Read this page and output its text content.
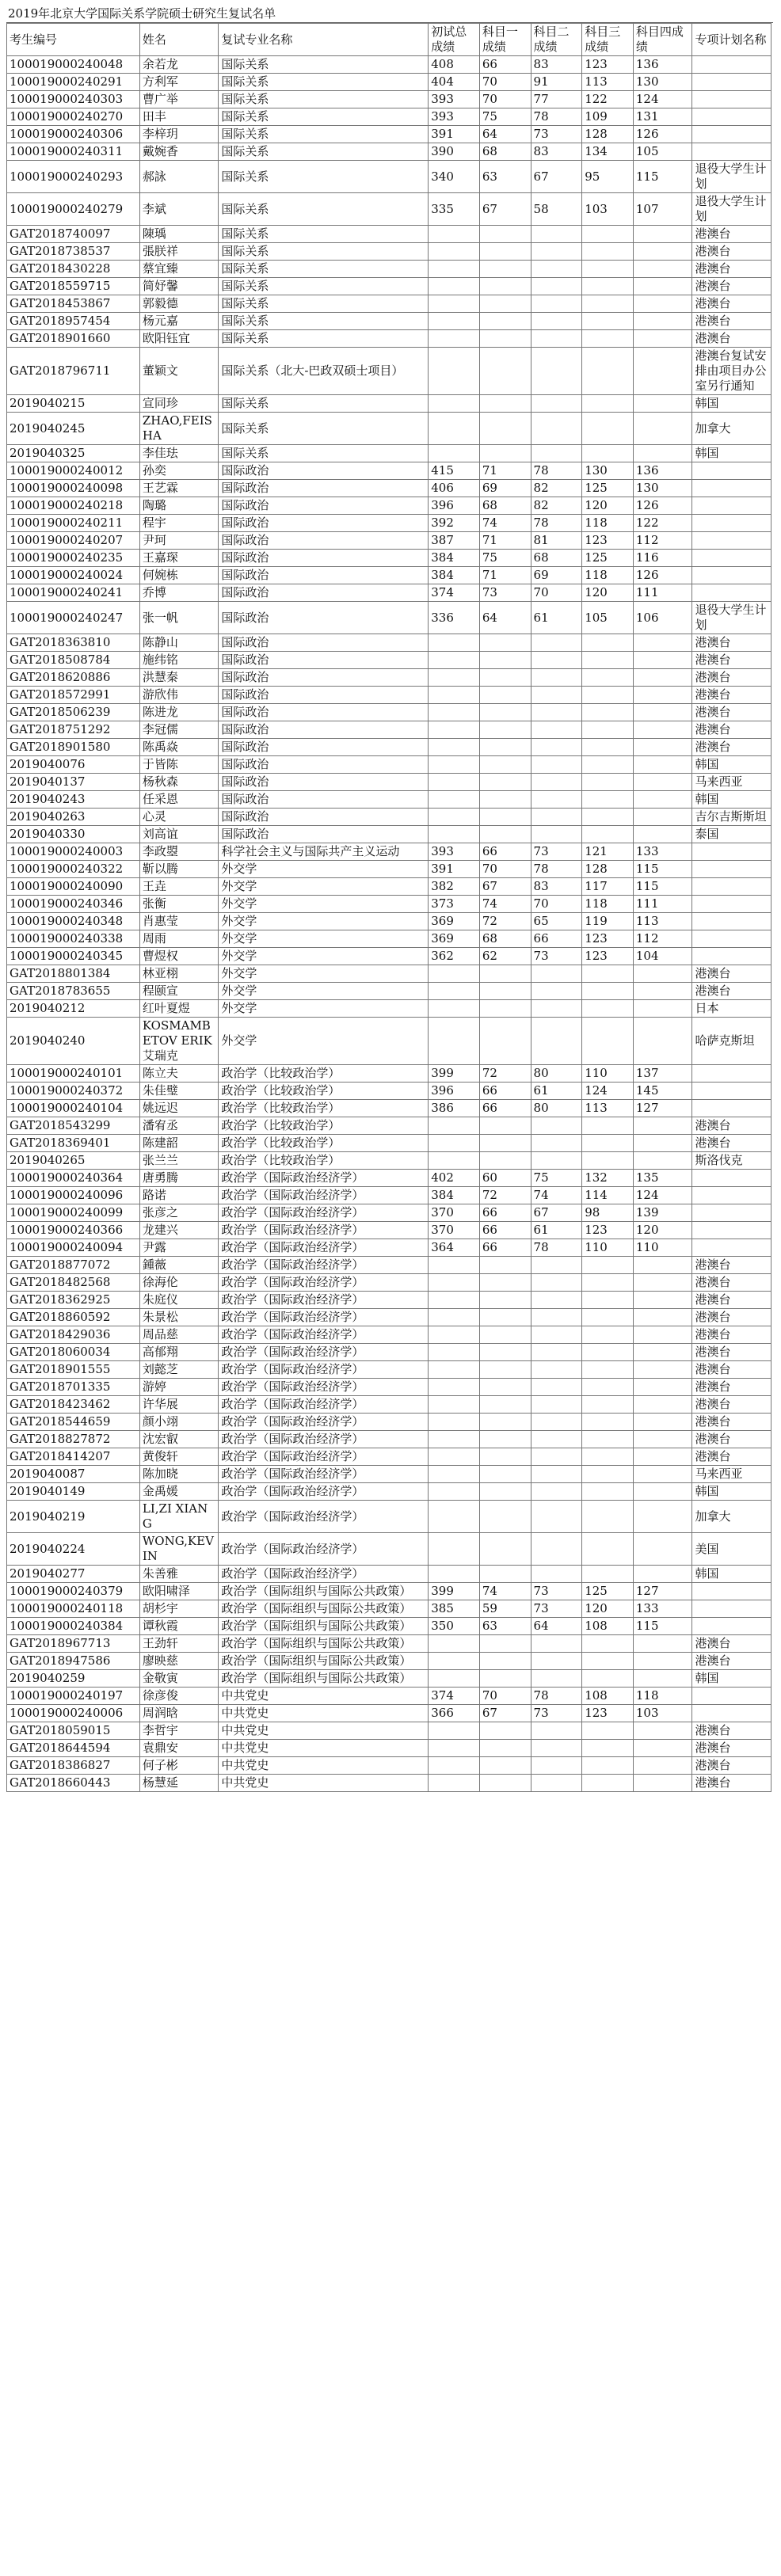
2019年北京大学国际关系学院硕士研究生复试名单
考生编号	姓名	复试专业名称	初试总成绩	科目一成绩	科目二成绩	科目三成绩	科目四成绩	专项计划名称
100019000240048	余若龙	国际关系	408	66	83	123	136	
100019000240291	方利军	国际关系	404	70	91	113	130	
100019000240303	曹广举	国际关系	393	70	77	122	124	
100019000240270	田丰	国际关系	393	75	78	109	131	
100019000240306	李梓玥	国际关系	391	64	73	128	126	
100019000240311	戴婉香	国际关系	390	68	83	134	105	
100019000240293	郝詠	国际关系	340	63	67	95	115	退役大学生计划
100019000240279	李斌	国际关系	335	67	58	103	107	退役大学生计划
GAT2018740097	陳瑀	国际关系						港澳台
GAT2018738537	張朕祥	国际关系						港澳台
GAT2018430228	蔡宜臻	国际关系						港澳台
GAT2018559715	简妤馨	国际关系						港澳台
GAT2018453867	郭毅德	国际关系						港澳台
GAT2018957454	杨元嘉	国际关系						港澳台
GAT2018901660	欧阳钰宜	国际关系						港澳台
GAT2018796711	董颖文	国际关系（北大-巴政双硕士项目）						港澳台复试安排由项目办公室另行通知
2019040215	宣同珍	国际关系						韩国
2019040245	ZHAO,FEISHA	国际关系						加拿大
2019040325	李佳珐	国际关系						韩国
100019000240012	孙奕	国际政治	415	71	78	130	136	
100019000240098	王艺霖	国际政治	406	69	82	125	130	
100019000240218	陶璐	国际政治	396	68	82	120	126	
100019000240211	程宇	国际政治	392	74	78	118	122	
100019000240207	尹珂	国际政治	387	71	81	123	112	
100019000240235	王嘉琛	国际政治	384	75	68	125	116	
100019000240024	何婉栋	国际政治	384	71	69	118	126	
100019000240241	乔博	国际政治	374	73	70	120	111	
100019000240247	张一帆	国际政治	336	64	61	105	106	退役大学生计划
GAT2018363810	陈静山	国际政治						港澳台
GAT2018508784	施纬铭	国际政治						港澳台
GAT2018620886	洪慧秦	国际政治						港澳台
GAT2018572991	游欣伟	国际政治						港澳台
GAT2018506239	陈进龙	国际政治						港澳台
GAT2018751292	李冠儒	国际政治						港澳台
GAT2018901580	陈禹焱	国际政治						港澳台
2019040076	于皆陈	国际政治						韩国
2019040137	杨秋森	国际政治						马来西亚
2019040243	任采恩	国际政治						韩国
2019040263	心灵	国际政治						吉尔吉斯斯坦
2019040330	刘高谊	国际政治						泰国
100019000240003	李政曌	科学社会主义与国际共产主义运动	393	66	73	121	133	
100019000240322	靳以腾	外交学	391	70	78	128	115	
100019000240090	王垚	外交学	382	67	83	117	115	
100019000240346	张衡	外交学	373	74	70	118	111	
100019000240348	肖惠莹	外交学	369	72	65	119	113	
100019000240338	周雨	外交学	369	68	66	123	112	
100019000240345	曹煜权	外交学	362	62	73	123	104	
GAT2018801384	林亚栩	外交学						港澳台
GAT2018783655	程颐宣	外交学						港澳台
2019040212	红叶夏煜	外交学						日本
2019040240	KOSMAMBETOV ERIK 艾瑞克	外交学						哈萨克斯坦
100019000240101	陈立夫	政治学（比较政治学）	399	72	80	110	137	
100019000240372	朱佳璧	政治学（比较政治学）	396	66	61	124	145	
100019000240104	姚远迟	政治学（比较政治学）	386	66	80	113	127	
GAT2018543299	潘宥丞	政治学（比较政治学）						港澳台
GAT2018369401	陈建韶	政治学（比较政治学）						港澳台
2019040265	张兰兰	政治学（比较政治学）						斯洛伐克
100019000240364	唐勇腾	政治学（国际政治经济学）	402	60	75	132	135	
100019000240096	路诺	政治学（国际政治经济学）	384	72	74	114	124	
100019000240099	张彦之	政治学（国际政治经济学）	370	66	67	98	139	
100019000240366	龙建兴	政治学（国际政治经济学）	370	66	61	123	120	
100019000240094	尹露	政治学（国际政治经济学）	364	66	78	110	110	
GAT2018877072	鍾薇	政治学（国际政治经济学）						港澳台
GAT2018482568	徐海伦	政治学（国际政治经济学）						港澳台
GAT2018362925	朱庭仪	政治学（国际政治经济学）						港澳台
GAT2018860592	朱景松	政治学（国际政治经济学）						港澳台
GAT2018429036	周品慈	政治学（国际政治经济学）						港澳台
GAT2018060034	高郁翔	政治学（国际政治经济学）						港澳台
GAT2018901555	刘懿芝	政治学（国际政治经济学）						港澳台
GAT2018701335	游婷	政治学（国际政治经济学）						港澳台
GAT2018423462	许华展	政治学（国际政治经济学）						港澳台
GAT2018544659	颜小翊	政治学（国际政治经济学）						港澳台
GAT2018827872	沈宏叡	政治学（国际政治经济学）						港澳台
GAT2018414207	黄俊轩	政治学（国际政治经济学）						港澳台
2019040087	陈加晓	政治学（国际政治经济学）						马来西亚
2019040149	金禹媛	政治学（国际政治经济学）						韩国
2019040219	LI,ZI XIANG	政治学（国际政治经济学）						加拿大
2019040224	WONG,KEVIN	政治学（国际政治经济学）						美国
2019040277	朱善雅	政治学（国际政治经济学）						韩国
100019000240379	欧阳啸泽	政治学（国际组织与国际公共政策）	399	74	73	125	127	
100019000240118	胡杉宇	政治学（国际组织与国际公共政策）	385	59	73	120	133	
100019000240384	谭秋霞	政治学（国际组织与国际公共政策）	350	63	64	108	115	
GAT2018967713	王劲轩	政治学（国际组织与国际公共政策）						港澳台
GAT2018947586	廖映慈	政治学（国际组织与国际公共政策）						港澳台
2019040259	金敬寅	政治学（国际组织与国际公共政策）						韩国
100019000240197	徐彦俊	中共党史	374	70	78	108	118	
100019000240006	周润晗	中共党史	366	67	73	123	103	
GAT2018059015	李哲宇	中共党史						港澳台
GAT2018644594	袁鼎安	中共党史						港澳台
GAT2018386827	何子彬	中共党史						港澳台
GAT2018660443	杨慧延	中共党史						港澳台
